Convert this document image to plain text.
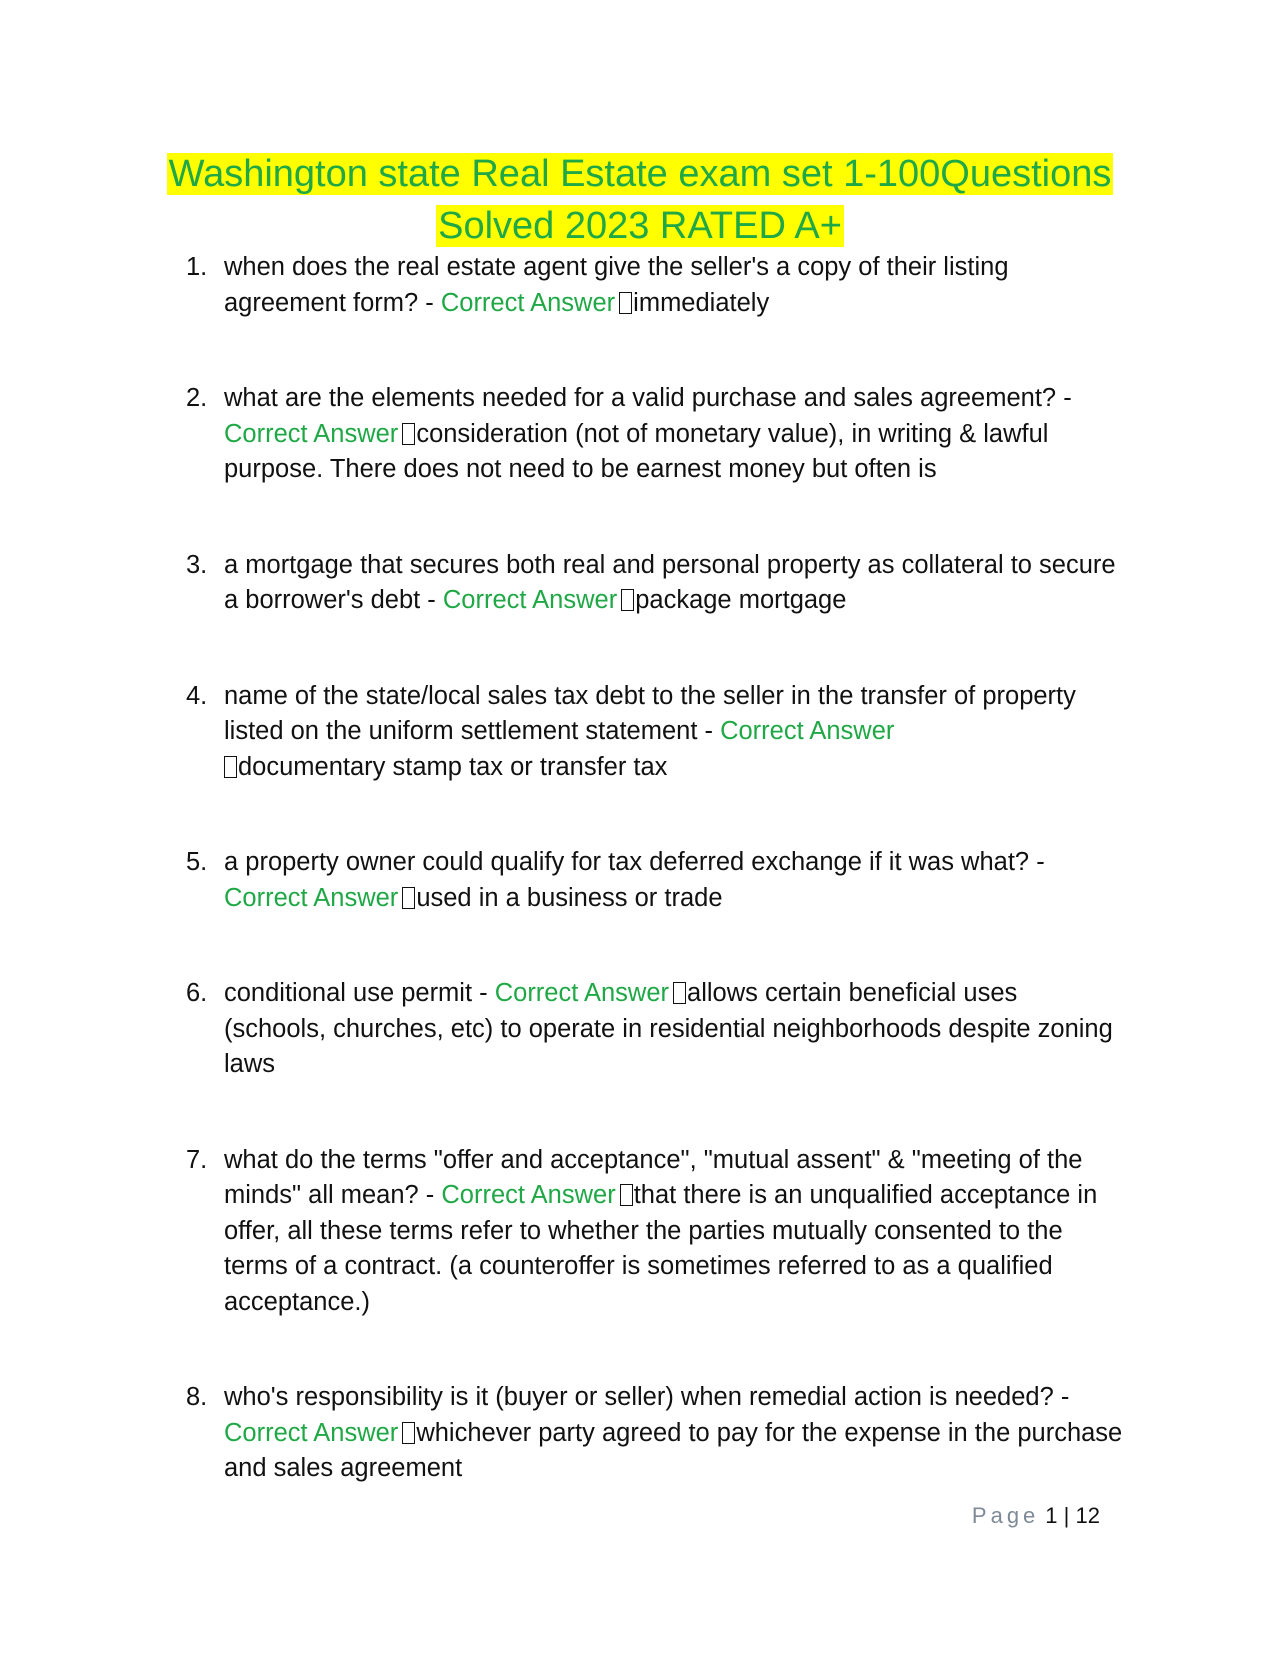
Washington state Real Estate exam set 1-100Questions Solved 2023 RATED A+
1. when does the real estate agent give the seller's a copy of their listing agreement form? - Correct Answer immediately
2. what are the elements needed for a valid purchase and sales agreement? - Correct Answer consideration (not of monetary value), in writing & lawful purpose. There does not need to be earnest money but often is
3. a mortgage that secures both real and personal property as collateral to secure a borrower's debt - Correct Answer package mortgage
4. name of the state/local sales tax debt to the seller in the transfer of property listed on the uniform settlement statement - Correct Answer
documentary stamp tax or transfer tax
5. a property owner could qualify for tax deferred exchange if it was what? - Correct Answer used in a business or trade
6. conditional use permit - Correct Answer allows certain beneficial uses (schools, churches, etc) to operate in residential neighborhoods despite zoning laws
7. what do the terms "offer and acceptance", "mutual assent" & "meeting of the minds" all mean? - Correct Answer that there is an unqualified acceptance in offer, all these terms refer to whether the parties mutually consented to the terms of a contract. (a counteroffer is sometimes referred to as a qualified acceptance.)
8. who's responsibility is it (buyer or seller) when remedial action is needed? - Correct Answer whichever party agreed to pay for the expense in the purchase and sales agreement
Page 1 | 12
